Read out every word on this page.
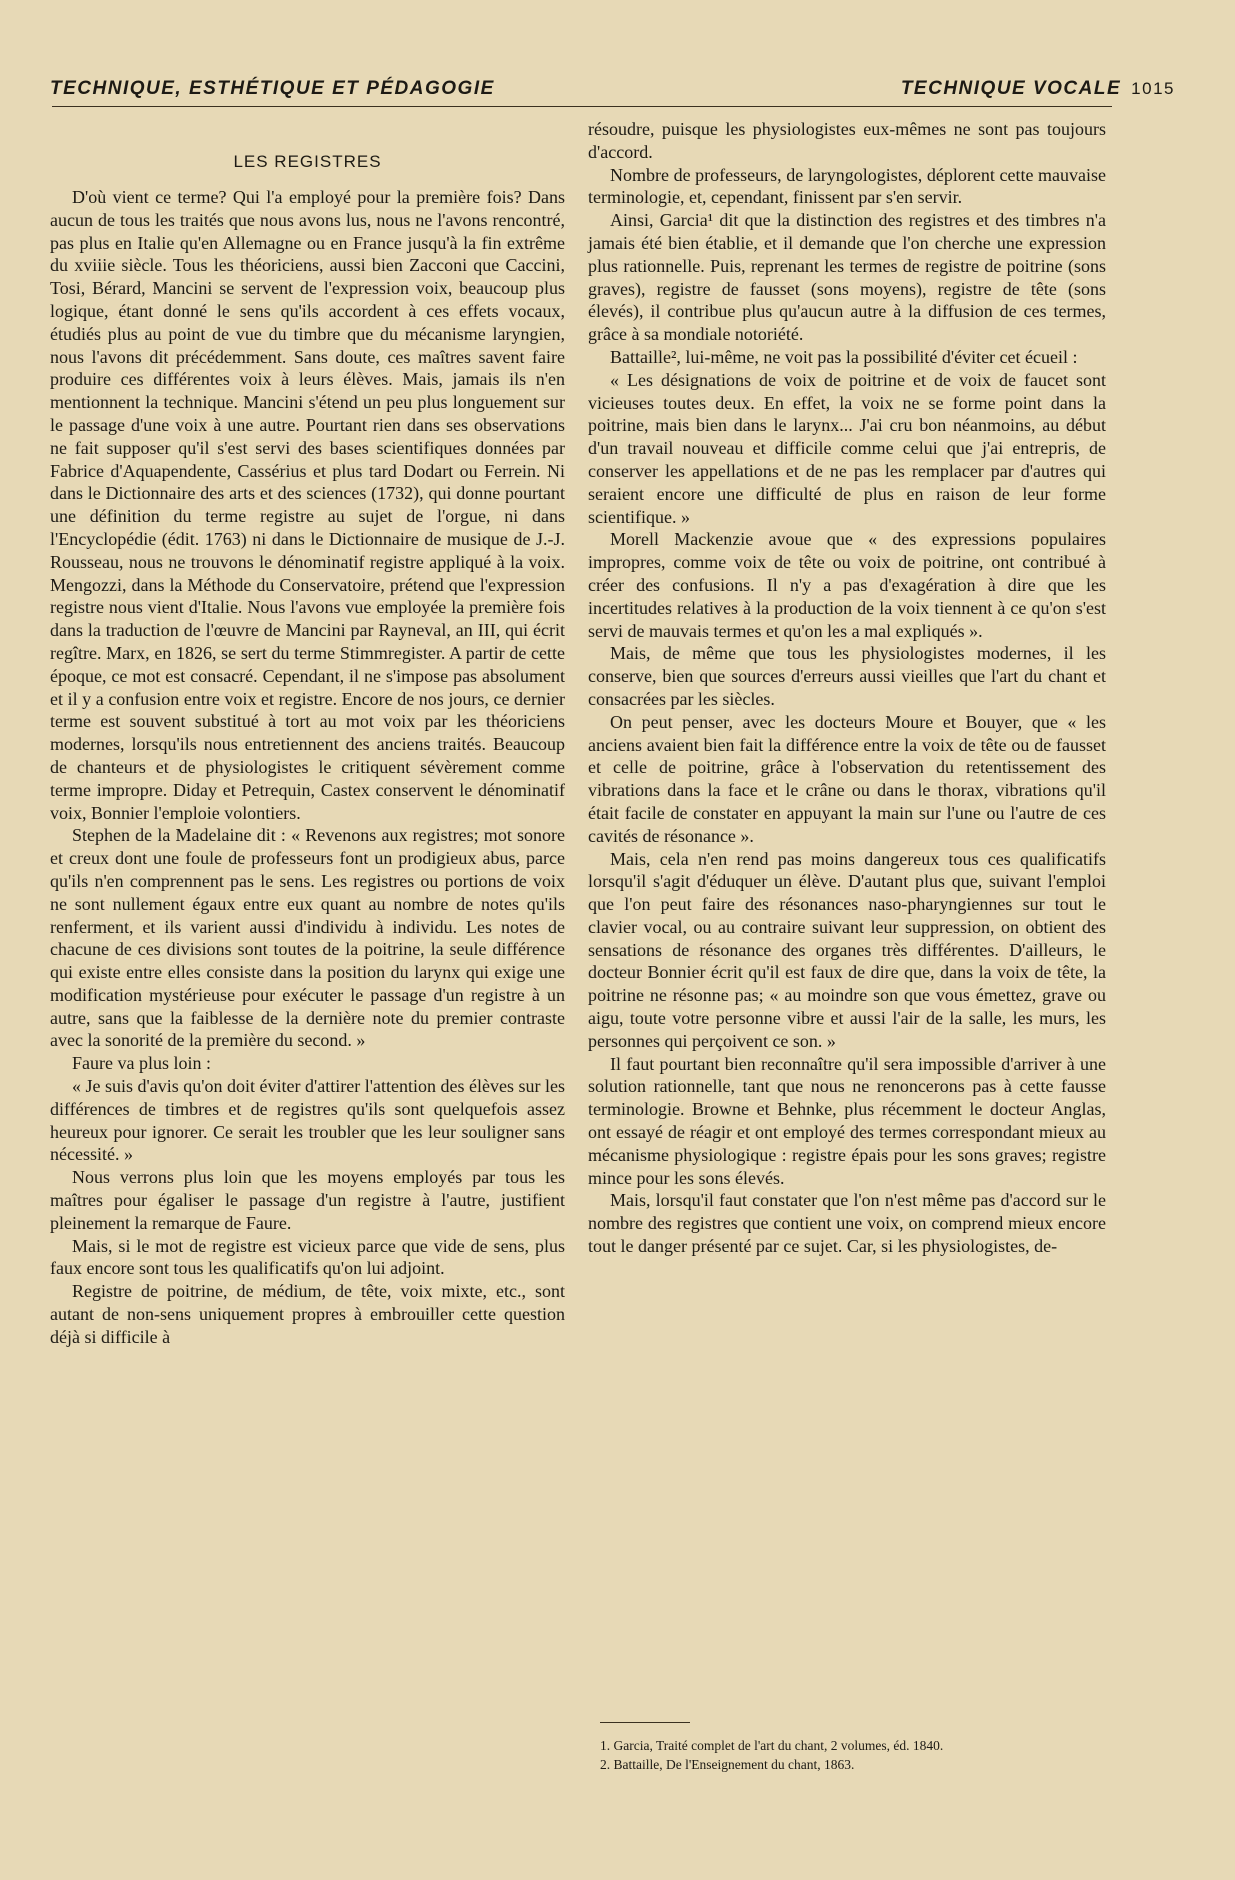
TECHNIQUE, ESTHÉTIQUE ET PÉDAGOGIE	TECHNIQUE VOCALE 1015
LES REGISTRES

D'où vient ce terme? Qui l'a employé pour la première fois? Dans aucun de tous les traités que nous avons lus, nous ne l'avons rencontré, pas plus en Italie qu'en Allemagne ou en France jusqu'à la fin extrême du xviiie siècle. Tous les théoriciens, aussi bien Zacconi que Caccini, Tosi, Bérard, Mancini se servent de l'expression voix, beaucoup plus logique, étant donné le sens qu'ils accordent à ces effets vocaux, étudiés plus au point de vue du timbre que du mécanisme laryngien, nous l'avons dit précédemment. Sans doute, ces maîtres savent faire produire ces différentes voix à leurs élèves. Mais, jamais ils n'en mentionnent la technique. Mancini s'étend un peu plus longuement sur le passage d'une voix à une autre. Pourtant rien dans ses observations ne fait supposer qu'il s'est servi des bases scientifiques données par Fabrice d'Aquapendente, Cassérius et plus tard Dodart ou Ferrein. Ni dans le Dictionnaire des arts et des sciences (1732), qui donne pourtant une définition du terme registre au sujet de l'orgue, ni dans l'Encyclopédie (édit. 1763) ni dans le Dictionnaire de musique de J.-J. Rousseau, nous ne trouvons le dénominatif registre appliqué à la voix. Mengozzi, dans la Méthode du Conservatoire, prétend que l'expression registre nous vient d'Italie. Nous l'avons vue employée la première fois dans la traduction de l'œuvre de Mancini par Rayneval, an III, qui écrit regître. Marx, en 1826, se sert du terme Stimmregister. A partir de cette époque, ce mot est consacré. Cependant, il ne s'impose pas absolument et il y a confusion entre voix et registre. Encore de nos jours, ce dernier terme est souvent substitué à tort au mot voix par les théoriciens modernes, lorsqu'ils nous entretiennent des anciens traités. Beaucoup de chanteurs et de physiologistes le critiquent sévèrement comme terme impropre. Diday et Petrequin, Castex conservent le dénominatif voix, Bonnier l'emploie volontiers.

Stephen de la Madelaine dit : « Revenons aux registres; mot sonore et creux dont une foule de professeurs font un prodigieux abus, parce qu'ils n'en comprennent pas le sens. Les registres ou portions de voix ne sont nullement égaux entre eux quant au nombre de notes qu'ils renferment, et ils varient aussi d'individu à individu. Les notes de chacune de ces divisions sont toutes de la poitrine, la seule différence qui existe entre elles consiste dans la position du larynx qui exige une modification mystérieuse pour exécuter le passage d'un registre à un autre, sans que la faiblesse de la dernière note du premier contraste avec la sonorité de la première du second. »

Faure va plus loin :

« Je suis d'avis qu'on doit éviter d'attirer l'attention des élèves sur les différences de timbres et de registres qu'ils sont quelquefois assez heureux pour ignorer. Ce serait les troubler que les leur souligner sans nécessité. »

Nous verrons plus loin que les moyens employés par tous les maîtres pour égaliser le passage d'un registre à l'autre, justifient pleinement la remarque de Faure.

Mais, si le mot de registre est vicieux parce que vide de sens, plus faux encore sont tous les qualificatifs qu'on lui adjoint.

Registre de poitrine, de médium, de tête, voix mixte, etc., sont autant de non-sens uniquement propres à embrouiller cette question déjà si difficile à

résoudre, puisque les physiologistes eux-mêmes ne sont pas toujours d'accord.

Nombre de professeurs, de laryngologistes, déplorent cette mauvaise terminologie, et, cependant, finissent par s'en servir.

Ainsi, Garcia¹ dit que la distinction des registres et des timbres n'a jamais été bien établie, et il demande que l'on cherche une expression plus rationnelle. Puis, reprenant les termes de registre de poitrine (sons graves), registre de fausset (sons moyens), registre de tête (sons élevés), il contribue plus qu'aucun autre à la diffusion de ces termes, grâce à sa mondiale notoriété.

Battaille², lui-même, ne voit pas la possibilité d'éviter cet écueil :

« Les désignations de voix de poitrine et de voix de faucet sont vicieuses toutes deux. En effet, la voix ne se forme point dans la poitrine, mais bien dans le larynx... J'ai cru bon néanmoins, au début d'un travail nouveau et difficile comme celui que j'ai entrepris, de conserver les appellations et de ne pas les remplacer par d'autres qui seraient encore une difficulté de plus en raison de leur forme scientifique. »

Morell Mackenzie avoue que « des expressions populaires impropres, comme voix de tête ou voix de poitrine, ont contribué à créer des confusions. Il n'y a pas d'exagération à dire que les incertitudes relatives à la production de la voix tiennent à ce qu'on s'est servi de mauvais termes et qu'on les a mal expliqués ».

Mais, de même que tous les physiologistes modernes, il les conserve, bien que sources d'erreurs aussi vieilles que l'art du chant et consacrées par les siècles.

On peut penser, avec les docteurs Moure et Bouyer, que « les anciens avaient bien fait la différence entre la voix de tête ou de fausset et celle de poitrine, grâce à l'observation du retentissement des vibrations dans la face et le crâne ou dans le thorax, vibrations qu'il était facile de constater en appuyant la main sur l'une ou l'autre de ces cavités de résonance ».

Mais, cela n'en rend pas moins dangereux tous ces qualificatifs lorsqu'il s'agit d'éduquer un élève. D'autant plus que, suivant l'emploi que l'on peut faire des résonances naso-pharyngiennes sur tout le clavier vocal, ou au contraire suivant leur suppression, on obtient des sensations de résonance des organes très différentes. D'ailleurs, le docteur Bonnier écrit qu'il est faux de dire que, dans la voix de tête, la poitrine ne résonne pas; « au moindre son que vous émettez, grave ou aigu, toute votre personne vibre et aussi l'air de la salle, les murs, les personnes qui perçoivent ce son. »

Il faut pourtant bien reconnaître qu'il sera impossible d'arriver à une solution rationnelle, tant que nous ne renoncerons pas à cette fausse terminologie. Browne et Behnke, plus récemment le docteur Anglas, ont essayé de réagir et ont employé des termes correspondant mieux au mécanisme physiologique : registre épais pour les sons graves; registre mince pour les sons élevés.

Mais, lorsqu'il faut constater que l'on n'est même pas d'accord sur le nombre des registres que contient une voix, on comprend mieux encore tout le danger présenté par ce sujet. Car, si les physiologistes, de-

1. Garcia, Traité complet de l'art du chant, 2 volumes, éd. 1840.

2. Battaille, De l'Enseignement du chant, 1863.
